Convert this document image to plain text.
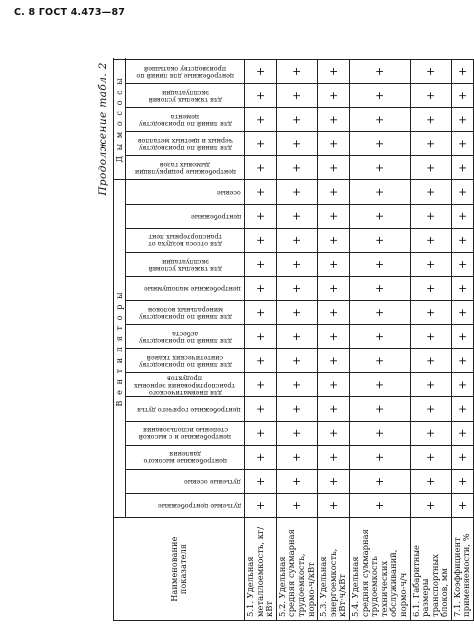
С. 8 ГОСТ 4.473—87
Продолжение табл. 2																			
Наименование показателя	В е н т и л я т о р ы														Д ы м о с о с ы				

	дутьевые центробежные	дутьевые осевые	центробежные высокого давления	центробежные и с высокой степенью использования	центробежные горячего дутья	для пневматического транспортирования зерновых продуктов	для линий по производству синтетических тканей	для линий по производству асбеста	для линий по производству минеральных волокон	центробежные малошумные	для тяжелых условий эксплуатации	для отсоса воздуха от транспортерных лент	центробежные	осевые	центробежные рециркуляции дымовых газов	для линий по производству черных и цветных металлов	для линий по производству цемента	для тяжелых условий эксплуатации	центробежные для линий по производству окатышей

5.1. Удельная металлоемкость, кг/кВт	+	+	+	+	+	+	+	+	+	+	+	+	+	+	+	+	+	+	+
5.2. Удельная средняя суммарная трудоемкость, нормо-ч/кВт	+	+	+	+	+	+	+	+	+	+	+	+	+	+	+	+	+	+	+
5.3. Удельная энергоемкость, кВт·ч/кВт	+	+	+	+	+	+	+	+	+	+	+	+	+	+	+	+	+	+	+
5.4. Удельная средняя суммарная трудоемкость технических обслуживаний, нормо-ч/ч	+	+	+	+	+	+	+	+	+	+	+	+	+	+	+	+	+	+	+
6.1. Габаритные размеры транспортных блоков, мм	+	+	+	+	+	+	+	+	+	+	+	+	+	+	+	+	+	+	+
7.1. Коэффициент применяемости, %	+	+	+	+	+	+	+	+	+	+	+	+	+	+	+	+	+	+	+
